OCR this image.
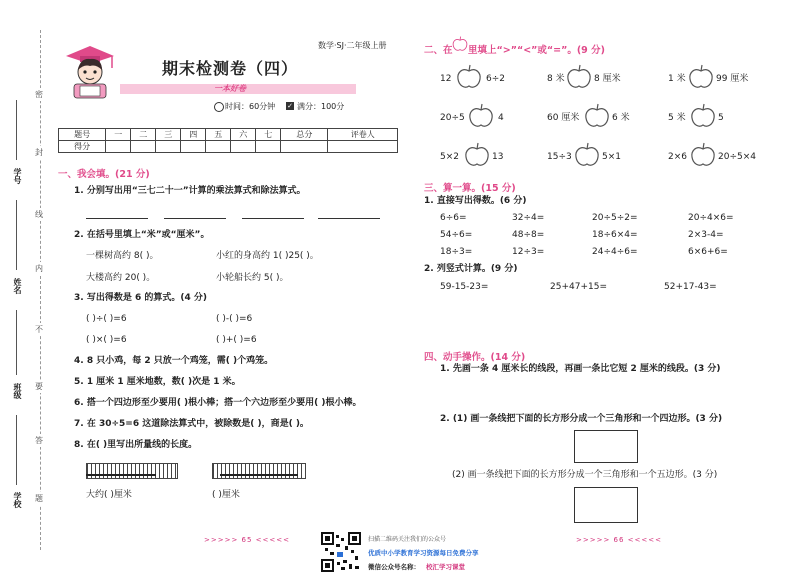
密
封
线
内
不
要
答
题
学号
姓名
班级
学校
数学·SJ·二年级上册
期末检测卷（四）
一本好卷
时间：60分钟 ✓ 满分：100分
题号	一	二	三	四	五	六	七	总分	评卷人
得分									
一、我会填。(21 分)
1. 分别写出用“三七二十一”计算的乘法算式和除法算式。
2. 在括号里填上“米”或“厘米”。
一棵树高约 8( )。	小红的身高约 1( )25( )。
大楼高约 20( )。	小轮船长约 5( )。
3. 写出得数是 6 的算式。(4 分)
( )÷( )=6	( )-( )=6
( )×( )=6	( )+( )=6
4. 8 只小鸡，每 2 只放一个鸡笼，需( )个鸡笼。
5. 1 厘米 1 厘米地数，数( )次是 1 米。
6. 搭一个四边形至少要用( )根小棒；搭一个六边形至少要用( )根小棒。
7. 在 30÷5=6 这道除法算式中，被除数是( )，商是( )。
8. 在( )里写出所量线的长度。
大约( )厘米	( )厘米
二、在 里填上“>”“<”或“=”。(9 分)
12	6÷2	8 米	8 厘米	1 米	99 厘米
20÷5	4	60 厘米	6 米	5 米	5
5×2	13	15÷3	5×1	2×6	20÷5×4
三、算一算。(15 分)
1. 直接写出得数。(6 分)
6÷6=	32÷4=	20÷5÷2=	20÷4×6=
54÷6=	48÷8=	18÷6×4=	2×3-4=
18÷3=	12÷3=	24÷4÷6=	6×6+6=
2. 列竖式计算。(9 分)
59-15-23=	25+47+15=	52+17-43=
四、动手操作。(14 分)
1. 先画一条 4 厘米长的线段，再画一条比它短 2 厘米的线段。(3 分)
2. (1) 画一条线把下面的长方形分成一个三角形和一个四边形。(3 分)
(2) 画一条线把下面的长方形分成一个三角形和一个五边形。(3 分)
>>>>> 65 <<<<<	>>>>> 66 <<<<<
扫描二维码关注我们的公众号
优质中小学教育学习资源每日免费分享
微信公众号名称： 校汇学习课堂
